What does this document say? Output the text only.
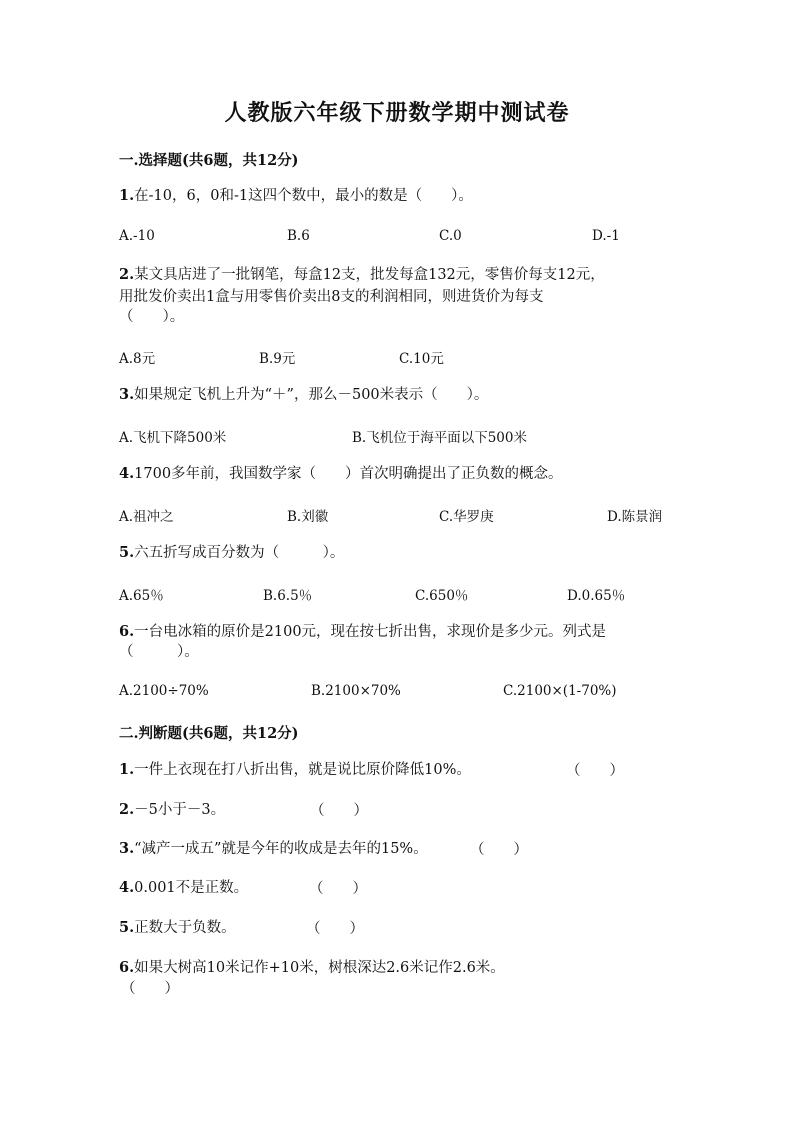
人教版六年级下册数学期中测试卷
一.选择题(共6题，共12分)
1.在-10，6，0和-1这四个数中，最小的数是（　　）。
A.-10	B.6	C.0	D.-1
2.某文具店进了一批钢笔，每盒12支，批发每盒132元，零售价每支12元，
用批发价卖出1盒与用零售价卖出8支的利润相同，则进货价为每支
（　　）。
A.8元	B.9元	C.10元
3.如果规定飞机上升为“＋”，那么－500米表示（　　）。
A.飞机下降500米	B.飞机位于海平面以下500米
4.1700多年前，我国数学家（　　）首次明确提出了正负数的概念。
A.祖冲之	B.刘徽	C.华罗庚	D.陈景润
5.六五折写成百分数为（　　　）。
A.65％	B.6.5％	C.650％	D.0.65％
6.一台电冰箱的原价是2100元，现在按七折出售，求现价是多少元。列式是
（　　　）。
A.2100÷70%	B.2100×70%	C.2100×(1-70%)
二.判断题(共6题，共12分)
1.一件上衣现在打八折出售，就是说比原价降低10%。	（　　）
2.－5小于－3。	（　　）
3.“减产一成五”就是今年的收成是去年的15%。	（　　）
4.0.001不是正数。	（　　）
5.正数大于负数。	（　　）
6.如果大树高10米记作+10米，树根深达2.6米记作2.6米。
（　　）
